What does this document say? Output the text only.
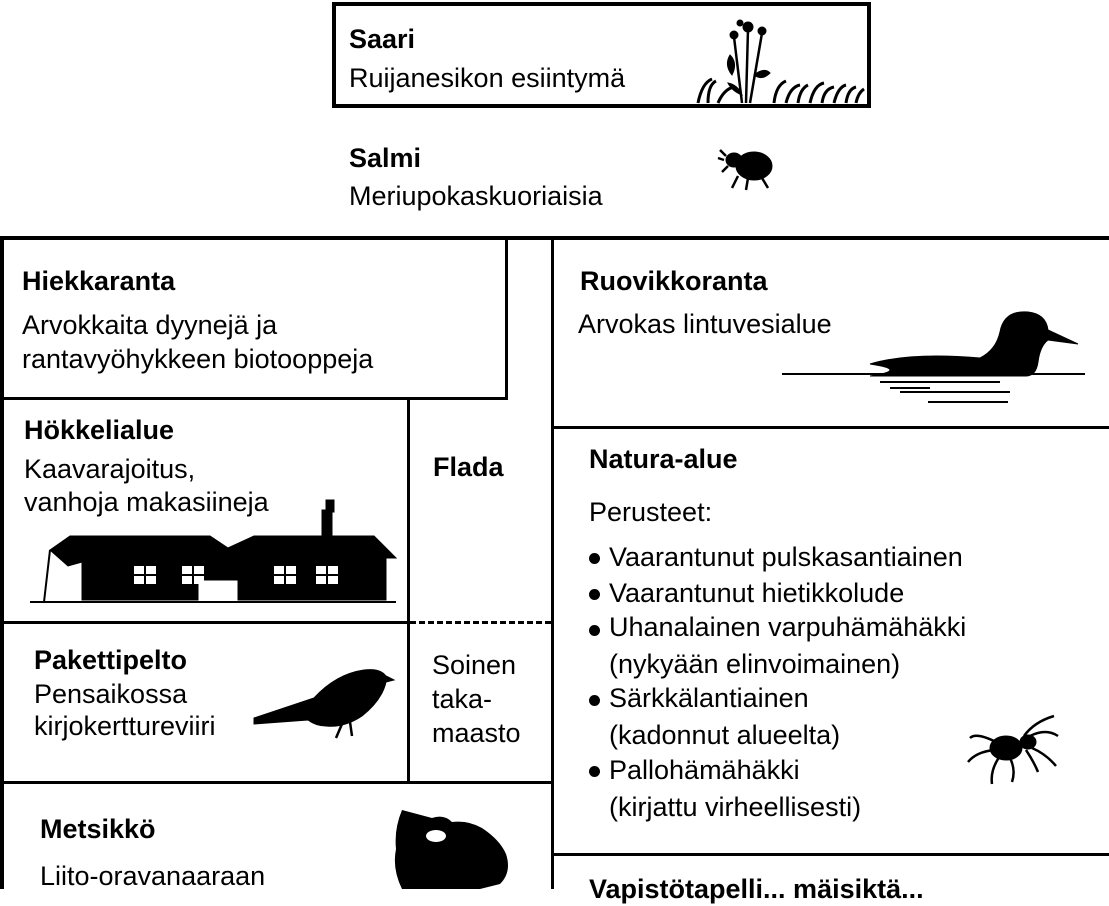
Saari
Ruijanesikon esiintymä
Salmi
Meriupokaskuoriaisia
Hiekkaranta
Arvokkaita dyynejä ja
rantavyöhykkeen biotooppeja
Ruovikkoranta
Arvokas lintuvesialue
Hökkelialue
Kaavarajoitus,
vanhoja makasiineja
Flada	Natura-alue
Perusteet:
Vaarantunut pulskasantiainen
Vaarantunut hietikkolude
Uhanalainen varpuhämähäkki
(nykyään elinvoimainen)
Särkkälantiainen
(kadonnut alueelta)
Pallohämähäkki
(kirjattu virheellisesti)
Pakettipelto
Pensaikossa
kirjokerttureviiri
Soinen
taka-
maasto
Metsikkö
Liito-oravanaaraan	Vapistötapelli... mäisiktä...
